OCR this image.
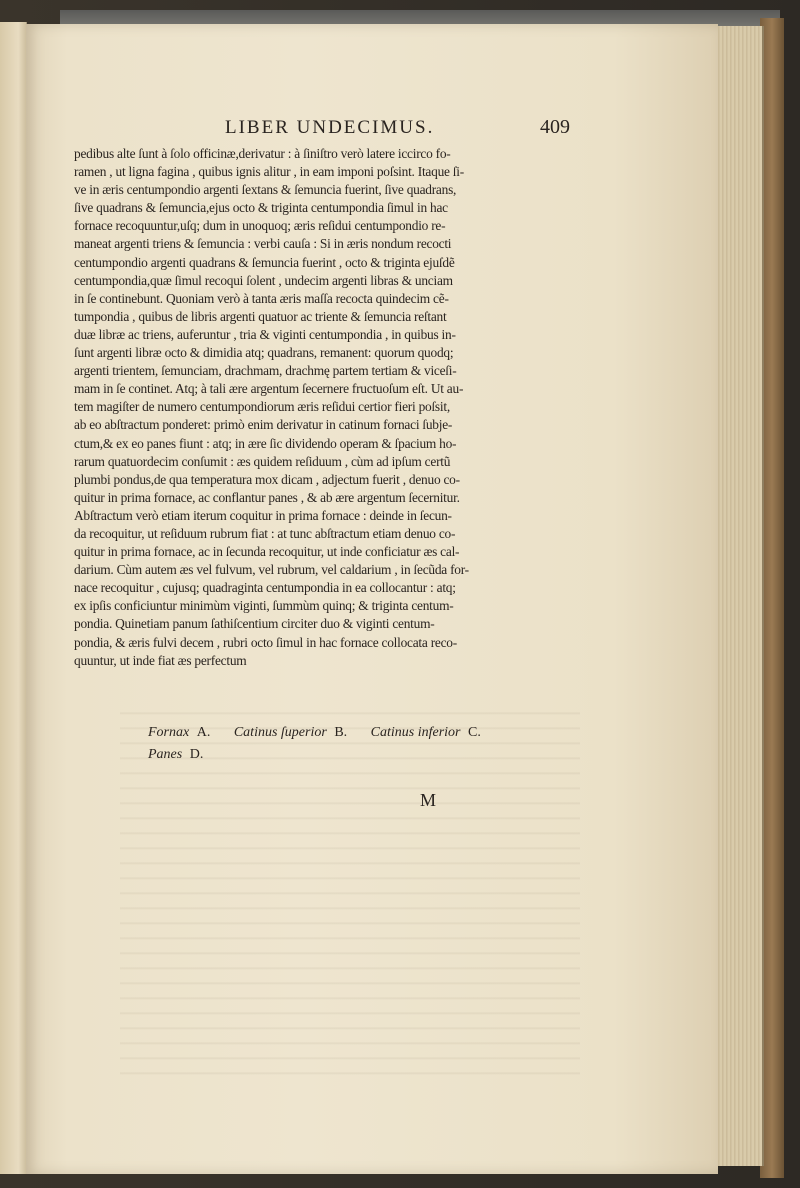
LIBER UNDECIMUS.	409
pedibus alte ſunt à ſolo officinæ,derivatur : à ſiniſtro verò latere iccirco fo-
ramen , ut ligna fagina , quibus ignis alitur , in eam imponi poſsint. Itaque ſi-
ve in æris centumpondio argenti ſextans & ſemuncia fuerint, ſive quadrans,
ſive quadrans & ſemuncia,ejus octo & triginta centumpondia ſimul in hac
fornace recoquuntur,uſq; dum in unoquoq; æris reſidui centumpondio re-
maneat argenti triens & ſemuncia : verbi cauſa : Si in æris nondum recocti
centumpondio argenti quadrans & ſemuncia fuerint , octo & triginta ejuſdẽ
centumpondia,quæ ſimul recoqui ſolent , undecim argenti libras & unciam
in ſe continebunt. Quoniam verò à tanta æris maſſa recocta quindecim cẽ-
tumpondia , quibus de libris argenti quatuor ac triente & ſemuncia reſtant
duæ libræ ac triens, auferuntur , tria & viginti centumpondia , in quibus in-
ſunt argenti libræ octo & dimidia atq; quadrans, remanent: quorum quodq;
argenti trientem, ſemunciam, drachmam, drachmę partem tertiam & viceſi-
mam in ſe continet. Atq; à tali ære argentum ſecernere fructuoſum eſt. Ut au-
tem magiſter de numero centumpondiorum æris reſidui certior fieri poſsit,
ab eo abſtractum ponderet: primò enim derivatur in catinum fornaci ſubje-
ctum,& ex eo panes fiunt : atq; in ære ſic dividendo operam & ſpacium ho-
rarum quatuordecim conſumit : æs quidem reſiduum , cùm ad ipſum certũ
plumbi pondus,de qua temperatura mox dicam , adjectum fuerit , denuo co-
quitur in prima fornace, ac conflantur panes , & ab ære argentum ſecernitur.
Abſtractum verò etiam iterum coquitur in prima fornace : deinde in ſecun-
da recoquitur, ut reſiduum rubrum fiat : at tunc abſtractum etiam denuo co-
quitur in prima fornace, ac in ſecunda recoquitur, ut inde conficiatur æs cal-
darium. Cùm autem æs vel fulvum, vel rubrum, vel caldarium , in ſecũda for-
nace recoquitur , cujusq; quadraginta centumpondia in ea collocantur : atq;
ex ipſis conficiuntur minimùm viginti, ſummùm quinq; & triginta centum-
pondia. Quinetiam panum ſathiſcentium circiter duo & viginti centum-
pondia, & æris fulvi decem , rubri octo ſimul in hac fornace collocata reco-
quuntur, ut inde fiat æs perfectum
Fornax A. Catinus ſuperior B. Catinus inferior C.
Panes D.
M
